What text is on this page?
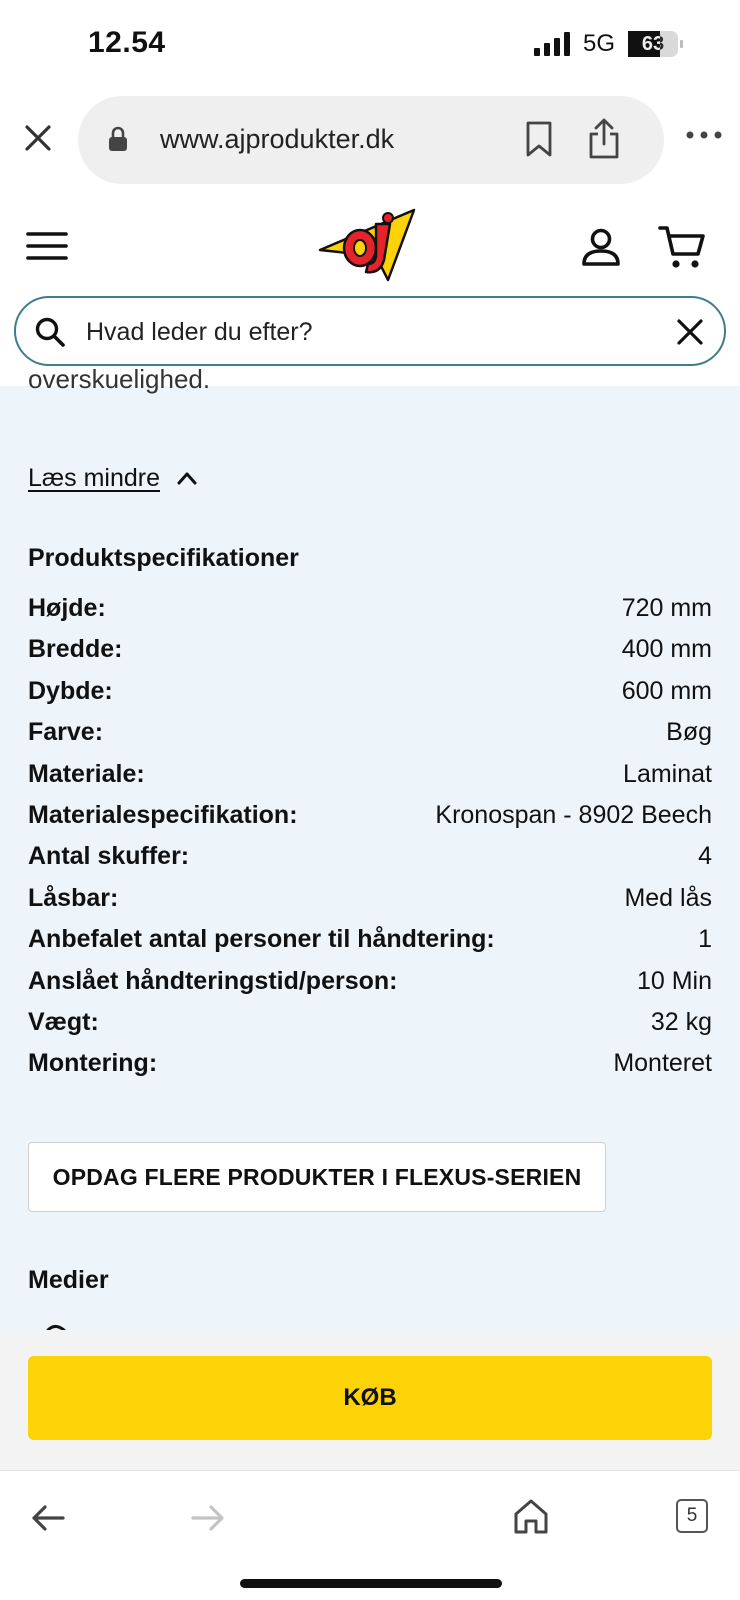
12.54	5G	63
www.ajprodukter.dk
Hvad leder du efter?
overskuelighed.
Læs mindre
Produktspecifikationer
Højde:	720 mm
Bredde:	400 mm
Dybde:	600 mm
Farve:	Bøg
Materiale:	Laminat
Materialespecifikation:	Kronospan - 8902 Beech
Antal skuffer:	4
Låsbar:	Med lås
Anbefalet antal personer til håndtering:	1
Anslået håndteringstid/person:	10 Min
Vægt:	32 kg
Montering:	Monteret
OPDAG FLERE PRODUKTER I FLEXUS-SERIEN
Medier
KØB
5
